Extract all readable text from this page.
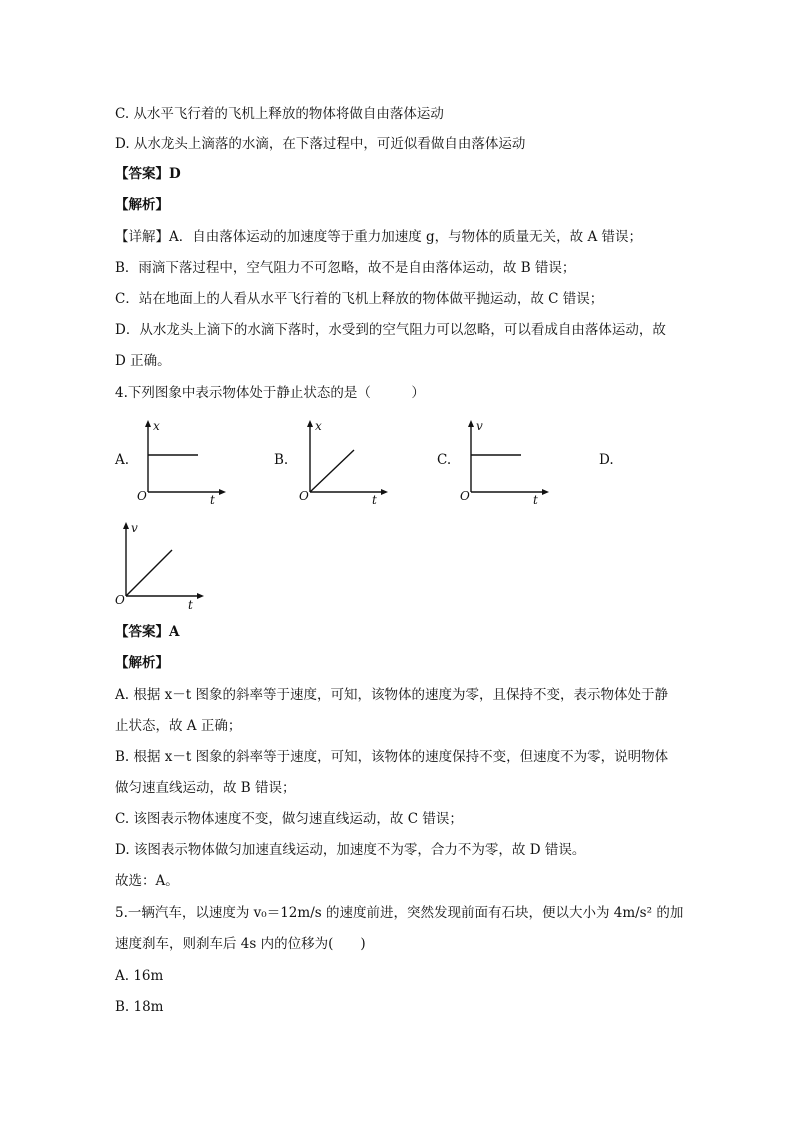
C. 从水平飞行着的飞机上释放的物体将做自由落体运动
D. 从水龙头上滴落的水滴，在下落过程中，可近似看做自由落体运动
【答案】D
【解析】
【详解】A．自由落体运动的加速度等于重力加速度 g，与物体的质量无关，故 A 错误；
B．雨滴下落过程中，空气阻力不可忽略，故不是自由落体运动，故 B 错误；
C．站在地面上的人看从水平飞行着的飞机上释放的物体做平抛运动，故 C 错误；
D．从水龙头上滴下的水滴下落时，水受到的空气阻力可以忽略，可以看成自由落体运动，故
D 正确。
4.下列图象中表示物体处于静止状态的是（　　　）
A.
x
O	t
B.
x
O	t
C.
v
O	t
D.
v
O	t
【答案】A
【解析】
A. 根据 x－t 图象的斜率等于速度，可知，该物体的速度为零，且保持不变，表示物体处于静
止状态，故 A 正确；
B. 根据 x－t 图象的斜率等于速度，可知，该物体的速度保持不变，但速度不为零，说明物体
做匀速直线运动，故 B 错误；
C. 该图表示物体速度不变，做匀速直线运动，故 C 错误；
D. 该图表示物体做匀加速直线运动，加速度不为零，合力不为零，故 D 错误。
故选：A。
5.一辆汽车，以速度为 v₀＝12m/s 的速度前进，突然发现前面有石块，便以大小为 4m/s² 的加
速度刹车，则刹车后 4s 内的位移为(　　)
A. 16m
B. 18m
